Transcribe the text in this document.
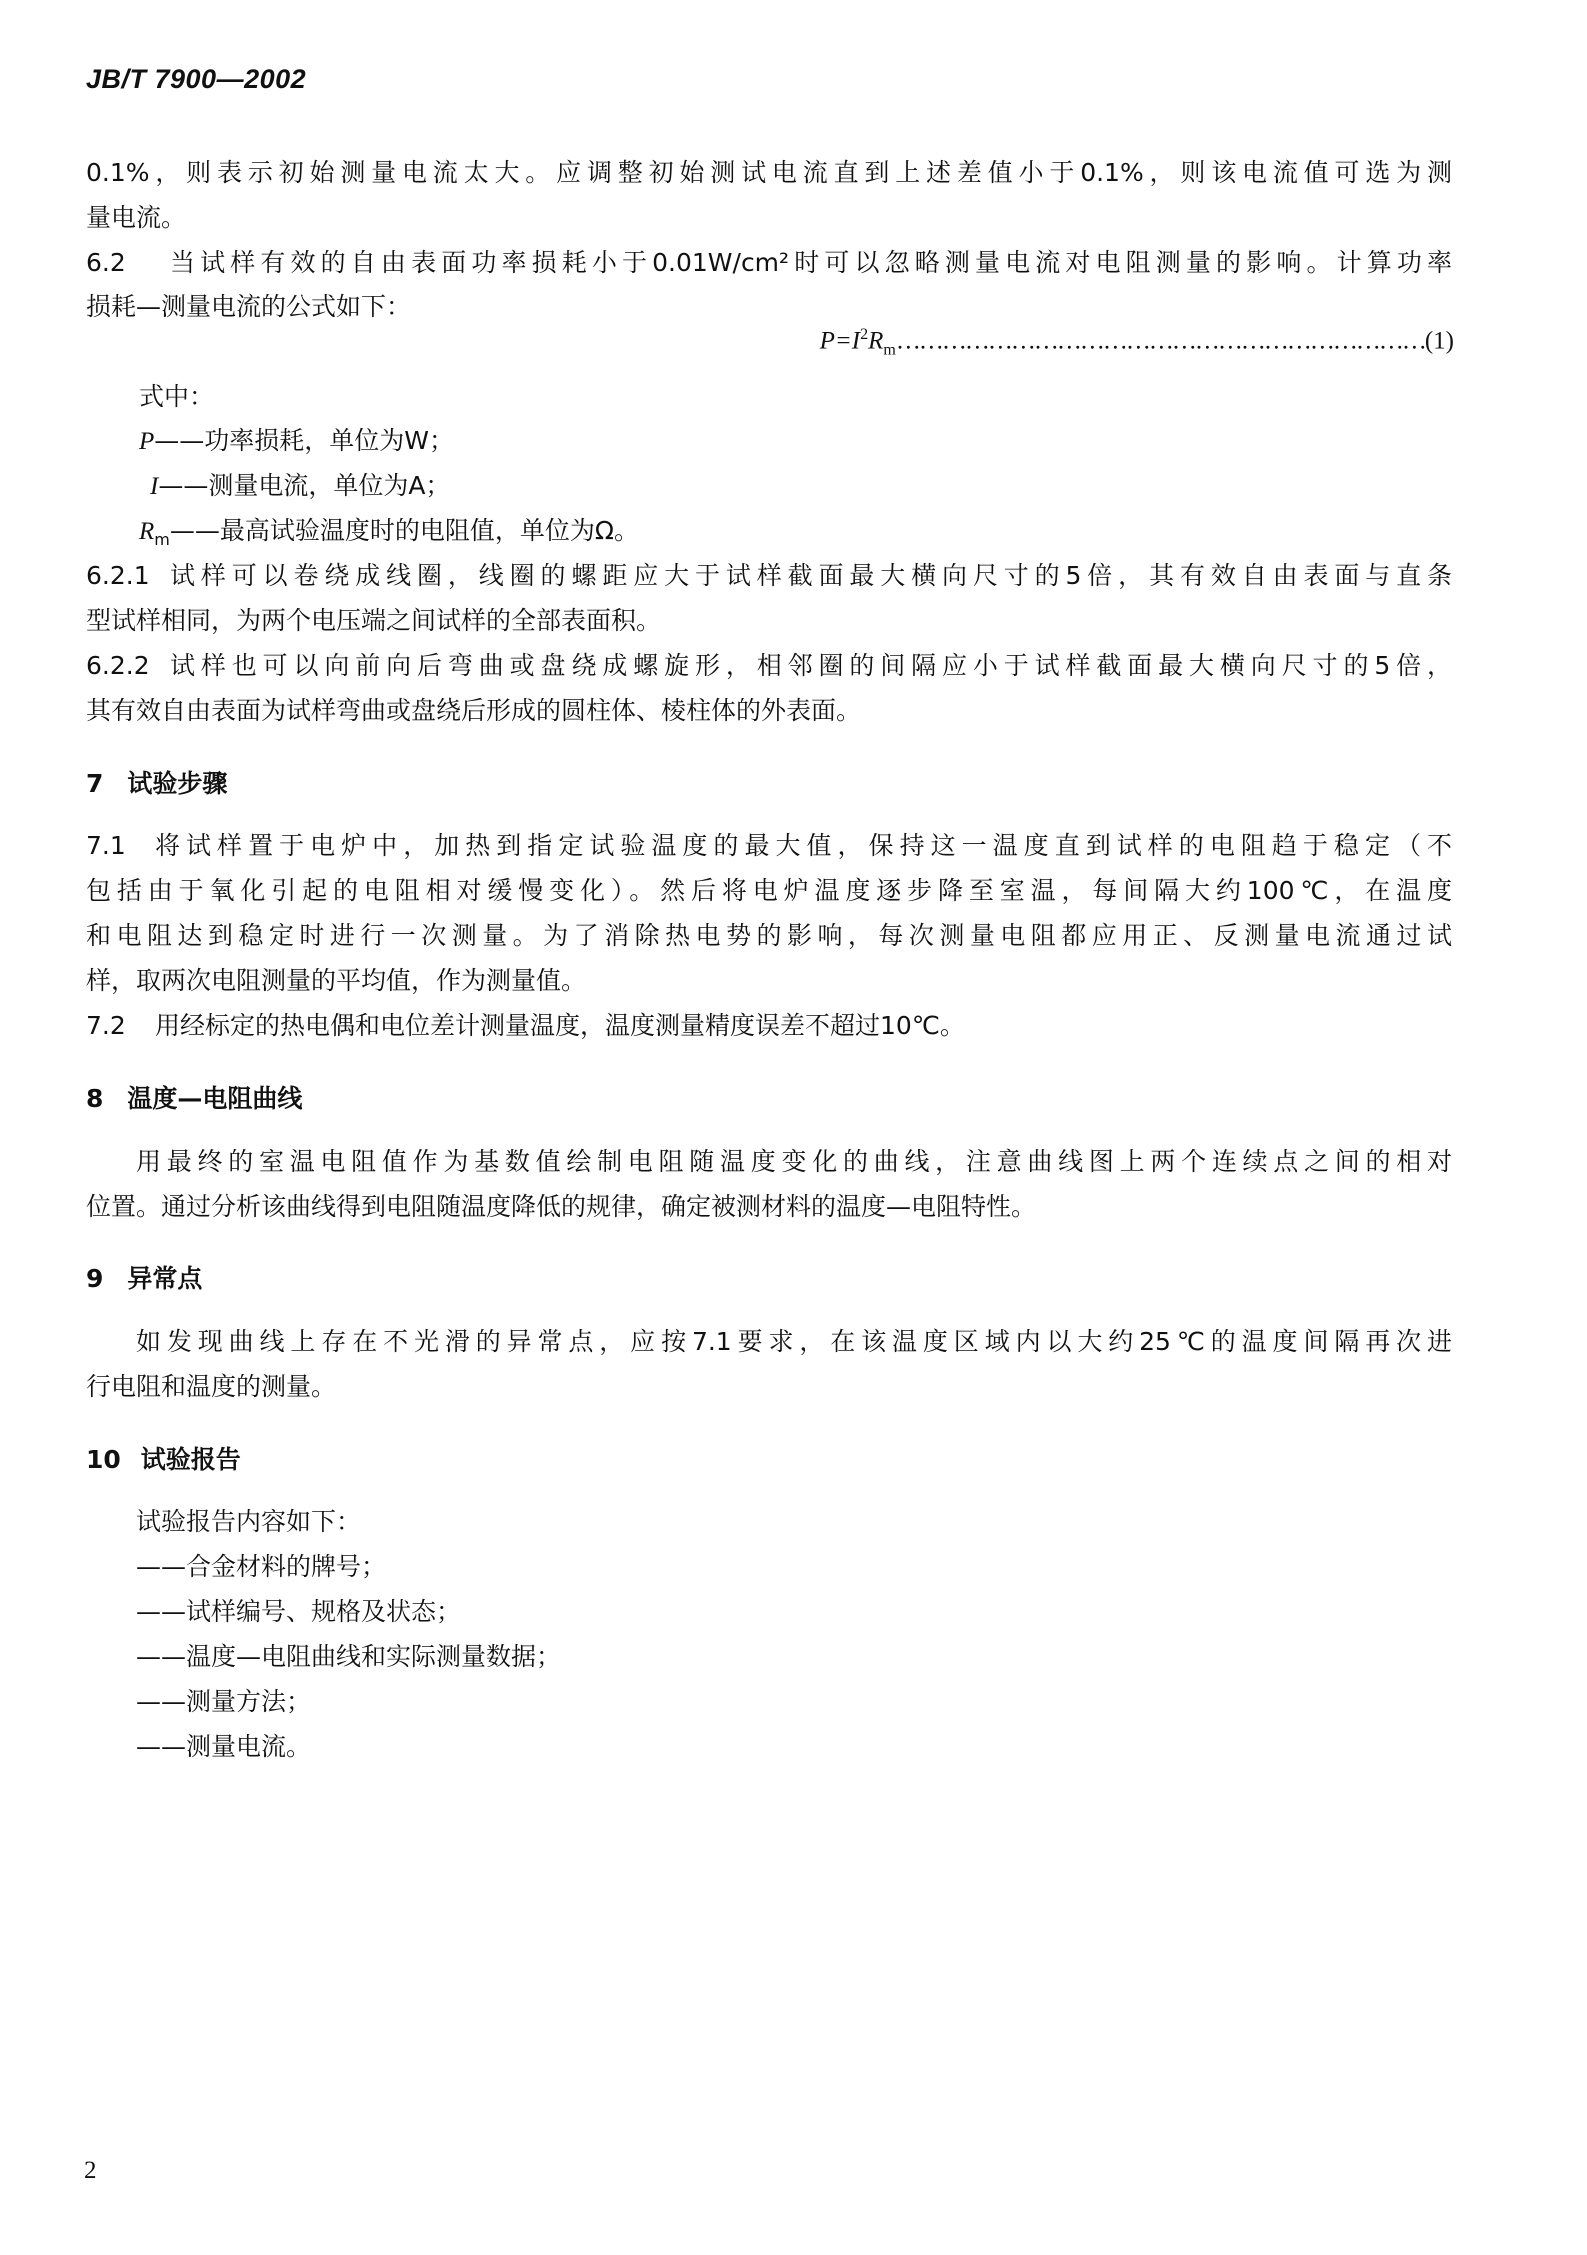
JB/T 7900—2002
0.1%，则表示初始测量电流太大。应调整初始测试电流直到上述差值小于0.1%，则该电流值可选为测
量电流。
6.2 当试样有效的自由表面功率损耗小于0.01W/cm²时可以忽略测量电流对电阻测量的影响。计算功率
损耗—测量电流的公式如下：
$P=I^2R_m\dots\dots\dots\dots\dots\dots\dots\dots\dots\dots\dots\dots\dots\dots\dots\dots\dots\dots\dots\dots\dots\dots\dots(1)$
式中：
P——功率损耗，单位为W；
I——测量电流，单位为A；
$R_m——$最高试验温度时的电阻值，单位为Ω。
6.2.1 试样可以卷绕成线圈，线圈的螺距应大于试样截面最大横向尺寸的5倍，其有效自由表面与直条
型试样相同，为两个电压端之间试样的全部表面积。
6.2.2 试样也可以向前向后弯曲或盘绕成螺旋形，相邻圈的间隔应小于试样截面最大横向尺寸的5倍，
其有效自由表面为试样弯曲或盘绕后形成的圆柱体、棱柱体的外表面。
7 试验步骤
7.1 将试样置于电炉中，加热到指定试验温度的最大值，保持这一温度直到试样的电阻趋于稳定（不
包括由于氧化引起的电阻相对缓慢变化）。然后将电炉温度逐步降至室温，每间隔大约100℃，在温度
和电阻达到稳定时进行一次测量。为了消除热电势的影响，每次测量电阻都应用正、反测量电流通过试
样，取两次电阻测量的平均值，作为测量值。
7.2 用经标定的热电偶和电位差计测量温度，温度测量精度误差不超过10℃。
8 温度—电阻曲线
用最终的室温电阻值作为基数值绘制电阻随温度变化的曲线，注意曲线图上两个连续点之间的相对
位置。通过分析该曲线得到电阻随温度降低的规律，确定被测材料的温度—电阻特性。
9 异常点
如发现曲线上存在不光滑的异常点，应按7.1要求，在该温度区域内以大约25℃的温度间隔再次进
行电阻和温度的测量。
10 试验报告
试验报告内容如下：
——合金材料的牌号；
——试样编号、规格及状态；
——温度—电阻曲线和实际测量数据；
——测量方法；
——测量电流。
2
